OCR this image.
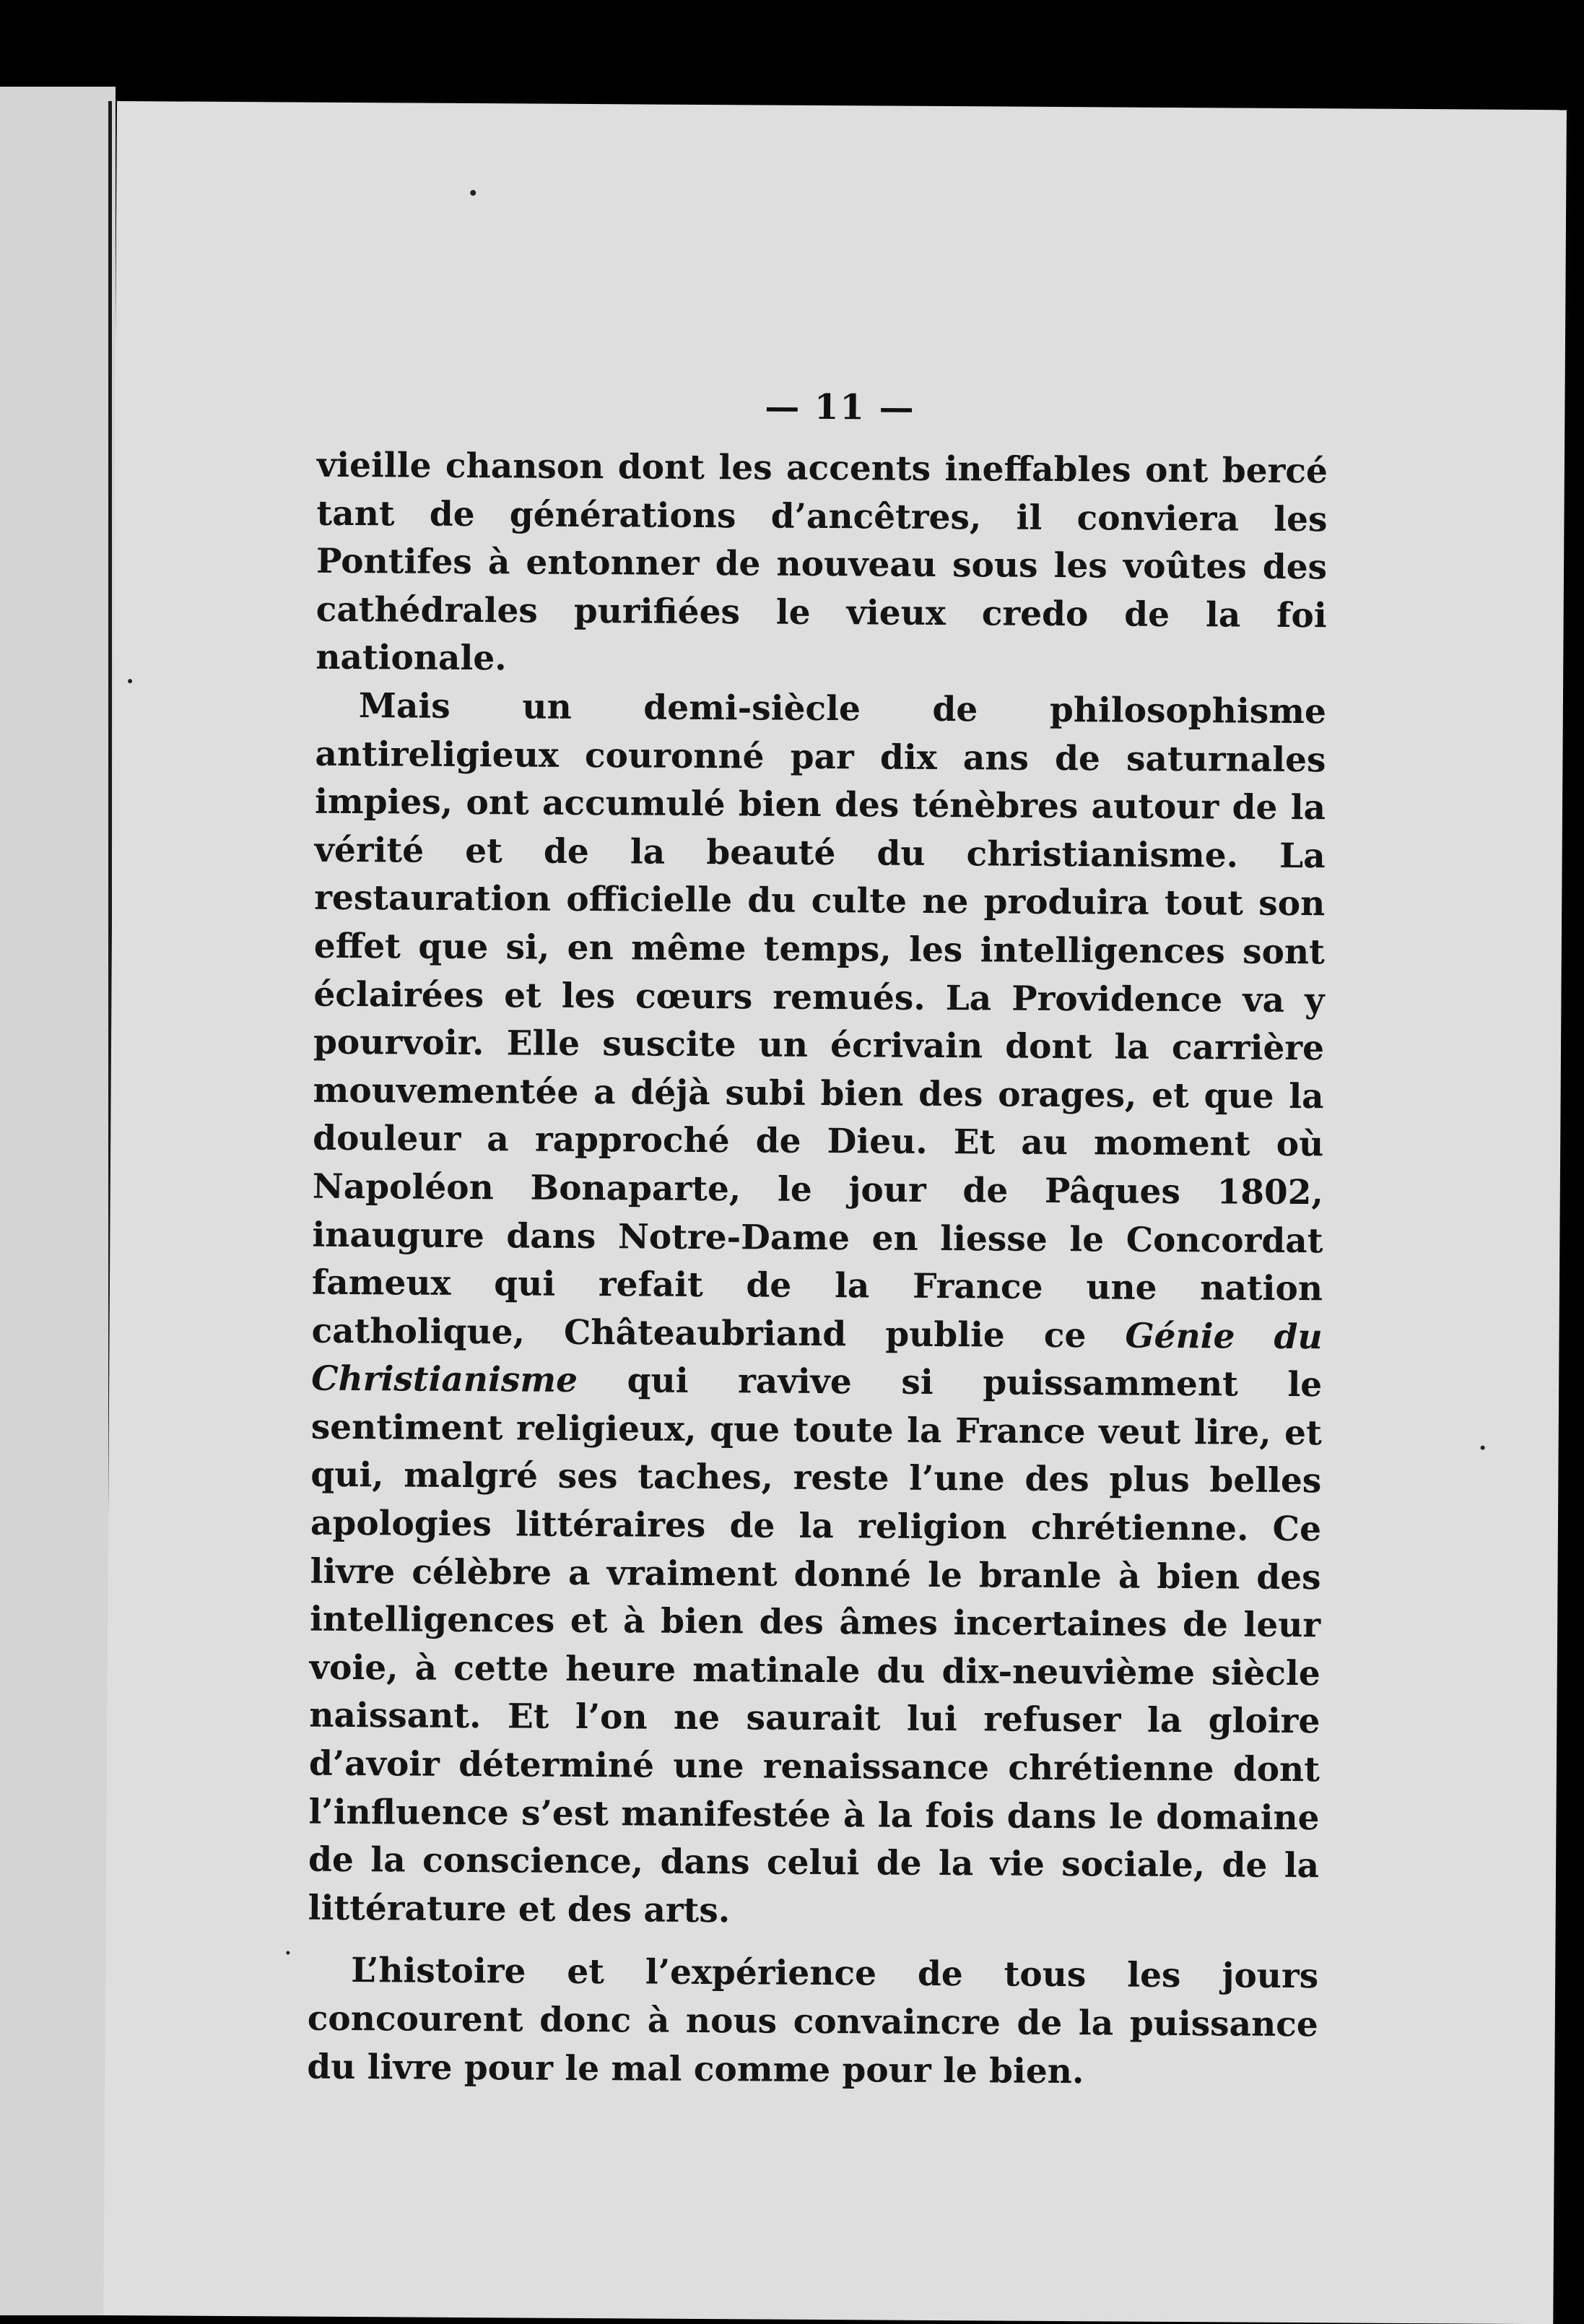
— 11 —

vieille chanson dont les accents ineffables ont bercé tant de générations d’ancêtres, il conviera les Pontifes à entonner de nouveau sous les voûtes des cathédrales purifiées le vieux credo de la foi nationale.

Mais un demi-siècle de philosophisme antireligieux couronné par dix ans de saturnales impies, ont accumulé bien des ténèbres autour de la vérité et de la beauté du christianisme. La restauration officielle du culte ne produira tout son effet que si, en même temps, les intelligences sont éclairées et les cœurs remués. La Providence va y pourvoir. Elle suscite un écrivain dont la carrière mouvementée a déjà subi bien des orages, et que la douleur a rapproché de Dieu. Et au moment où Napoléon Bonaparte, le jour de Pâques 1802, inaugure dans Notre-Dame en liesse le Concordat fameux qui refait de la France une nation catholique, Châteaubriand publie ce Génie du Christianisme qui ravive si puissamment le sentiment religieux, que toute la France veut lire, et qui, malgré ses taches, reste l’une des plus belles apologies littéraires de la religion chrétienne. Ce livre célèbre a vraiment donné le branle à bien des intelligences et à bien des âmes incertaines de leur voie, à cette heure matinale du dix-neuvième siècle naissant. Et l’on ne saurait lui refuser la gloire d’avoir déterminé une renaissance chrétienne dont l’influence s’est manifestée à la fois dans le domaine de la conscience, dans celui de la vie sociale, de la littérature et des arts.

L’histoire et l’expérience de tous les jours concourent donc à nous convaincre de la puissance du livre pour le mal comme pour le bien.
